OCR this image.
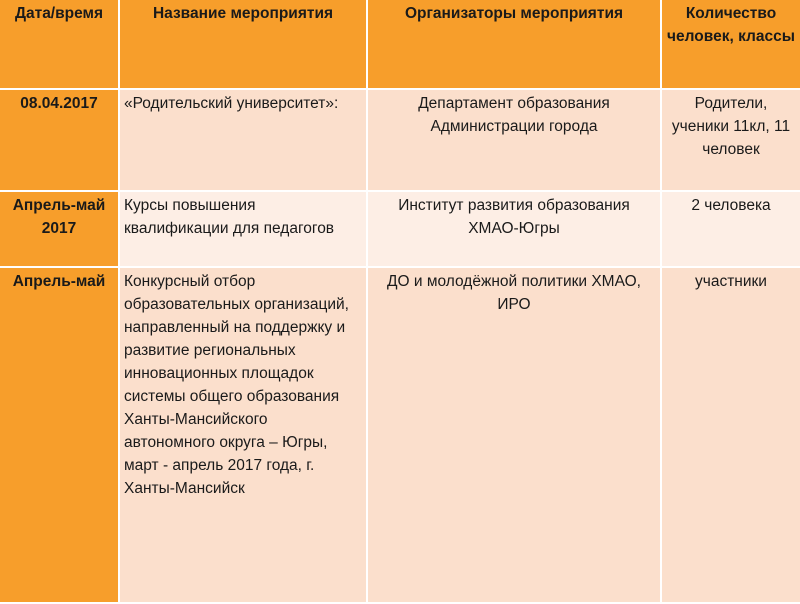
Дата/время	Название мероприятия	Организаторы мероприятия	Количество человек, классы
08.04.2017	«Родительский университет»:	Департамент образования Администрации города	Родители, ученики 11кл, 11 человек
Апрель-май 2017	Курсы повышения квалификации для педагогов	Институт развития образования ХМАО-Югры	2 человека
Апрель-май	Конкурсный отбор образовательных организаций, направленный на поддержку и развитие региональных инновационных площадок системы общего образования Ханты-Мансийского автономного округа – Югры, март - апрель 2017 года, г. Ханты-Мансийск	ДО и молодёжной политики ХМАО, ИРО	участники
